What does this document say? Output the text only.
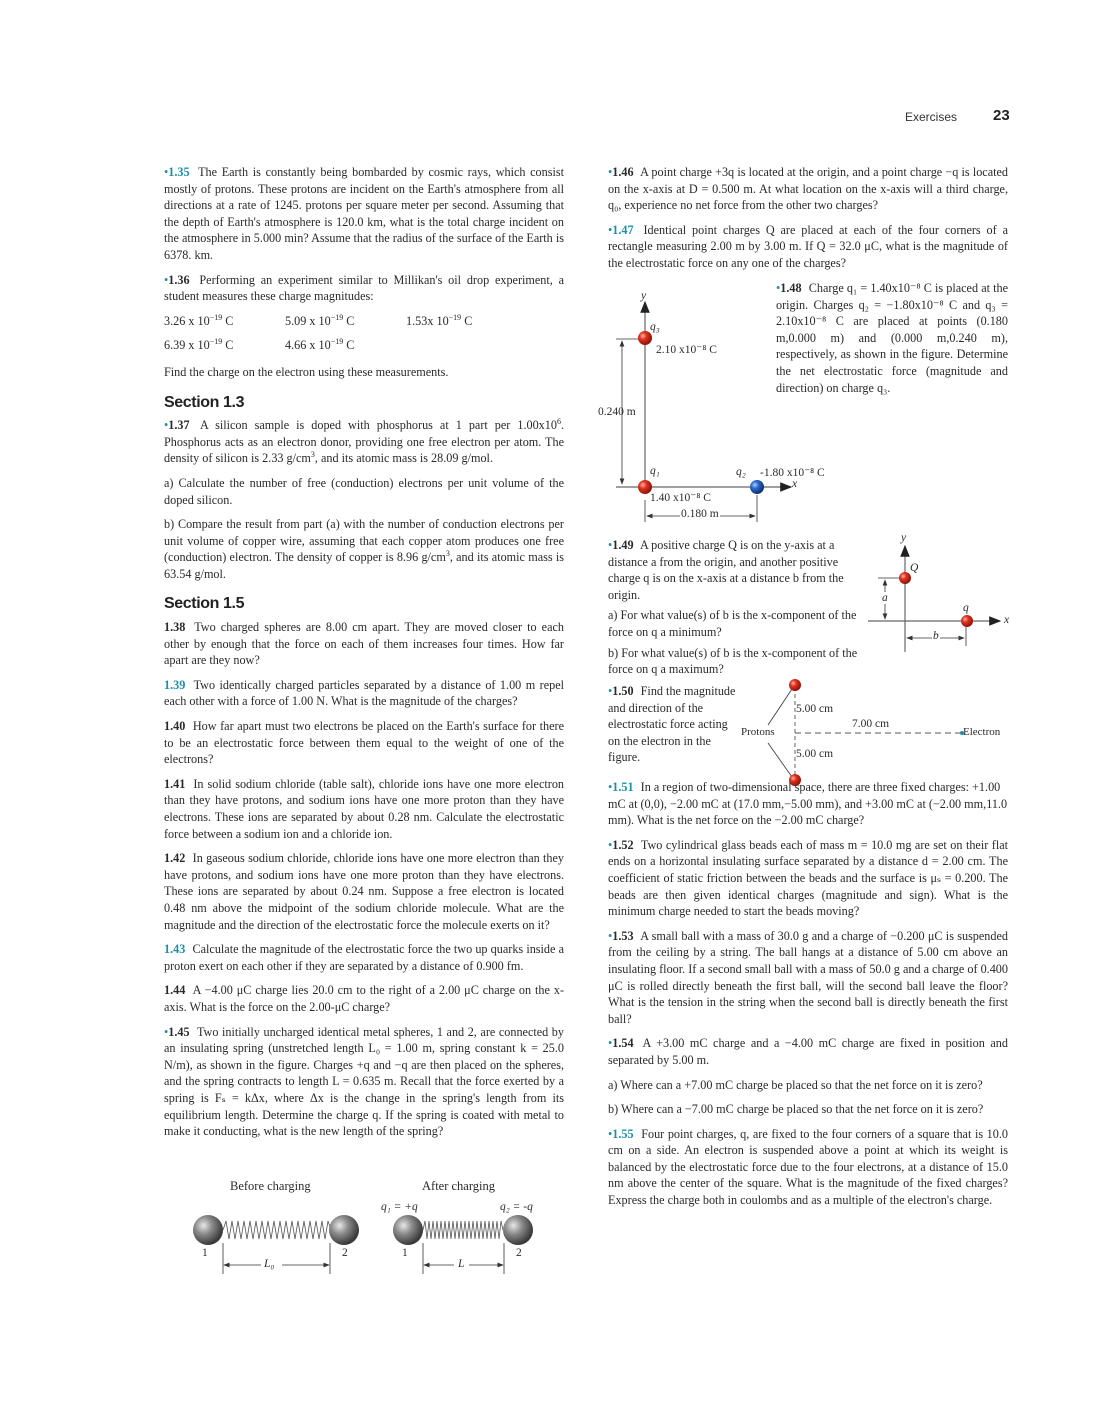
Exercises 23

•1.35 The Earth is constantly being bombarded by cosmic rays, which consist mostly of protons. These protons are incident on the Earth's atmosphere from all directions at a rate of 1245. protons per square meter per second. Assuming that the depth of Earth's atmosphere is 120.0 km, what is the total charge incident on the atmosphere in 5.000 min? Assume that the radius of the surface of the Earth is 6378. km.

•1.36 Performing an experiment similar to Millikan's oil drop experiment, a student measures these charge magnitudes:

3.26 x $10^{-19}$ C	5.09 x $10^{-19}$ C	1.53x $10^{-19}$ C
6.39 x $10^{-19}$ C	4.66 x $10^{-19}$ C

Find the charge on the electron using these measurements.

Section 1.3

•1.37 A silicon sample is doped with phosphorus at 1 part per $1.00x10^6$. Phosphorus acts as an electron donor, providing one free electron per atom. The density of silicon is 2.33 $g/cm^3$, and its atomic mass is 28.09 g/mol.

a) Calculate the number of free (conduction) electrons per unit volume of the doped silicon.

b) Compare the result from part (a) with the number of conduction electrons per unit volume of copper wire, assuming that each copper atom produces one free (conduction) electron. The density of copper is 8.96 $g/cm^3$, and its atomic mass is 63.54 g/mol.

Section 1.5

1.38 Two charged spheres are 8.00 cm apart. They are moved closer to each other by enough that the force on each of them increases four times. How far apart are they now?

1.39 Two identically charged particles separated by a distance of 1.00 m repel each other with a force of 1.00 N. What is the magnitude of the charges?

1.40 How far apart must two electrons be placed on the Earth's surface for there to be an electrostatic force between them equal to the weight of one of the electrons?

1.41 In solid sodium chloride (table salt), chloride ions have one more electron than they have protons, and sodium ions have one more proton than they have electrons. These ions are separated by about 0.28 nm. Calculate the electrostatic force between a sodium ion and a chloride ion.

1.42 In gaseous sodium chloride, chloride ions have one more electron than they have protons, and sodium ions have one more proton than they have electrons. These ions are separated by about 0.24 nm. Suppose a free electron is located 0.48 nm above the midpoint of the sodium chloride molecule. What are the magnitude and the direction of the electrostatic force the molecule exerts on it?

1.43 Calculate the magnitude of the electrostatic force the two up quarks inside a proton exert on each other if they are separated by a distance of 0.900 fm.

1.44 A −4.00 μC charge lies 20.0 cm to the right of a 2.00 μC charge on the x-axis. What is the force on the 2.00-μC charge?

•1.45 Two initially uncharged identical metal spheres, 1 and 2, are connected by an insulating spring (unstretched length L₀ = 1.00 m, spring constant k = 25.0 N/m), as shown in the figure. Charges +q and −q are then placed on the spheres, and the spring contracts to length L = 0.635 m. Recall that the force exerted by a spring is Fₛ = kΔx, where Δx is the change in the spring's length from its equilibrium length. Determine the charge q. If the spring is coated with metal to make it conducting, what is the new length of the spring?

Before charging	After charging
q₁ = +q	q₂ = -q
1	2
L₀
1	2
L

•1.46 A point charge +3q is located at the origin, and a point charge −q is located on the x-axis at D = 0.500 m. At what location on the x-axis will a third charge, q₀, experience no net force from the other two charges?

•1.47 Identical point charges Q are placed at each of the four corners of a rectangle measuring 2.00 m by 3.00 m. If Q = 32.0 μC, what is the magnitude of the electrostatic force on any one of the charges?

•1.48 Charge q₁ = 1.40x10⁻⁸ C is placed at the origin. Charges q₂ = −1.80x10⁻⁸ C and q₃ = 2.10x10⁻⁸ C are placed at points (0.180 m,0.000 m) and (0.000 m,0.240 m), respectively, as shown in the figure. Determine the net electrostatic force (magnitude and direction) on charge q₃.
y
x
q₃
2.10 x10⁻⁸ C
0.240 m
q₁
1.40 x10⁻⁸ C
q₂ -1.80 x10⁻⁸ C
0.180 m

•1.49 A positive charge Q is on the y-axis at a distance a from the origin, and another positive charge q is on the x-axis at a distance b from the origin.

a) For what value(s) of b is the x-component of the force on q a minimum?

b) For what value(s) of b is the x-component of the force on q a maximum?

y
x
Q
q
a
b
•1.50 Find the magnitude and direction of the electrostatic force acting on the electron in the figure.
Protons	Electron
5.00 cm
5.00 cm
7.00 cm

•1.51 In a region of two-dimensional space, there are three fixed charges: +1.00 mC at (0,0), −2.00 mC at (17.0 mm,−5.00 mm), and +3.00 mC at (−2.00 mm,11.0 mm). What is the net force on the −2.00 mC charge?

•1.52 Two cylindrical glass beads each of mass m = 10.0 mg are set on their flat ends on a horizontal insulating surface separated by a distance d = 2.00 cm. The coefficient of static friction between the beads and the surface is μₛ = 0.200. The beads are then given identical charges (magnitude and sign). What is the minimum charge needed to start the beads moving?

•1.53 A small ball with a mass of 30.0 g and a charge of −0.200 μC is suspended from the ceiling by a string. The ball hangs at a distance of 5.00 cm above an insulating floor. If a second small ball with a mass of 50.0 g and a charge of 0.400 μC is rolled directly beneath the first ball, will the second ball leave the floor? What is the tension in the string when the second ball is directly beneath the first ball?

•1.54 A +3.00 mC charge and a −4.00 mC charge are fixed in position and separated by 5.00 m.

a) Where can a +7.00 mC charge be placed so that the net force on it is zero?

b) Where can a −7.00 mC charge be placed so that the net force on it is zero?

•1.55 Four point charges, q, are fixed to the four corners of a square that is 10.0 cm on a side. An electron is suspended above a point at which its weight is balanced by the electrostatic force due to the four electrons, at a distance of 15.0 nm above the center of the square. What is the magnitude of the fixed charges? Express the charge both in coulombs and as a multiple of the electron's charge.
